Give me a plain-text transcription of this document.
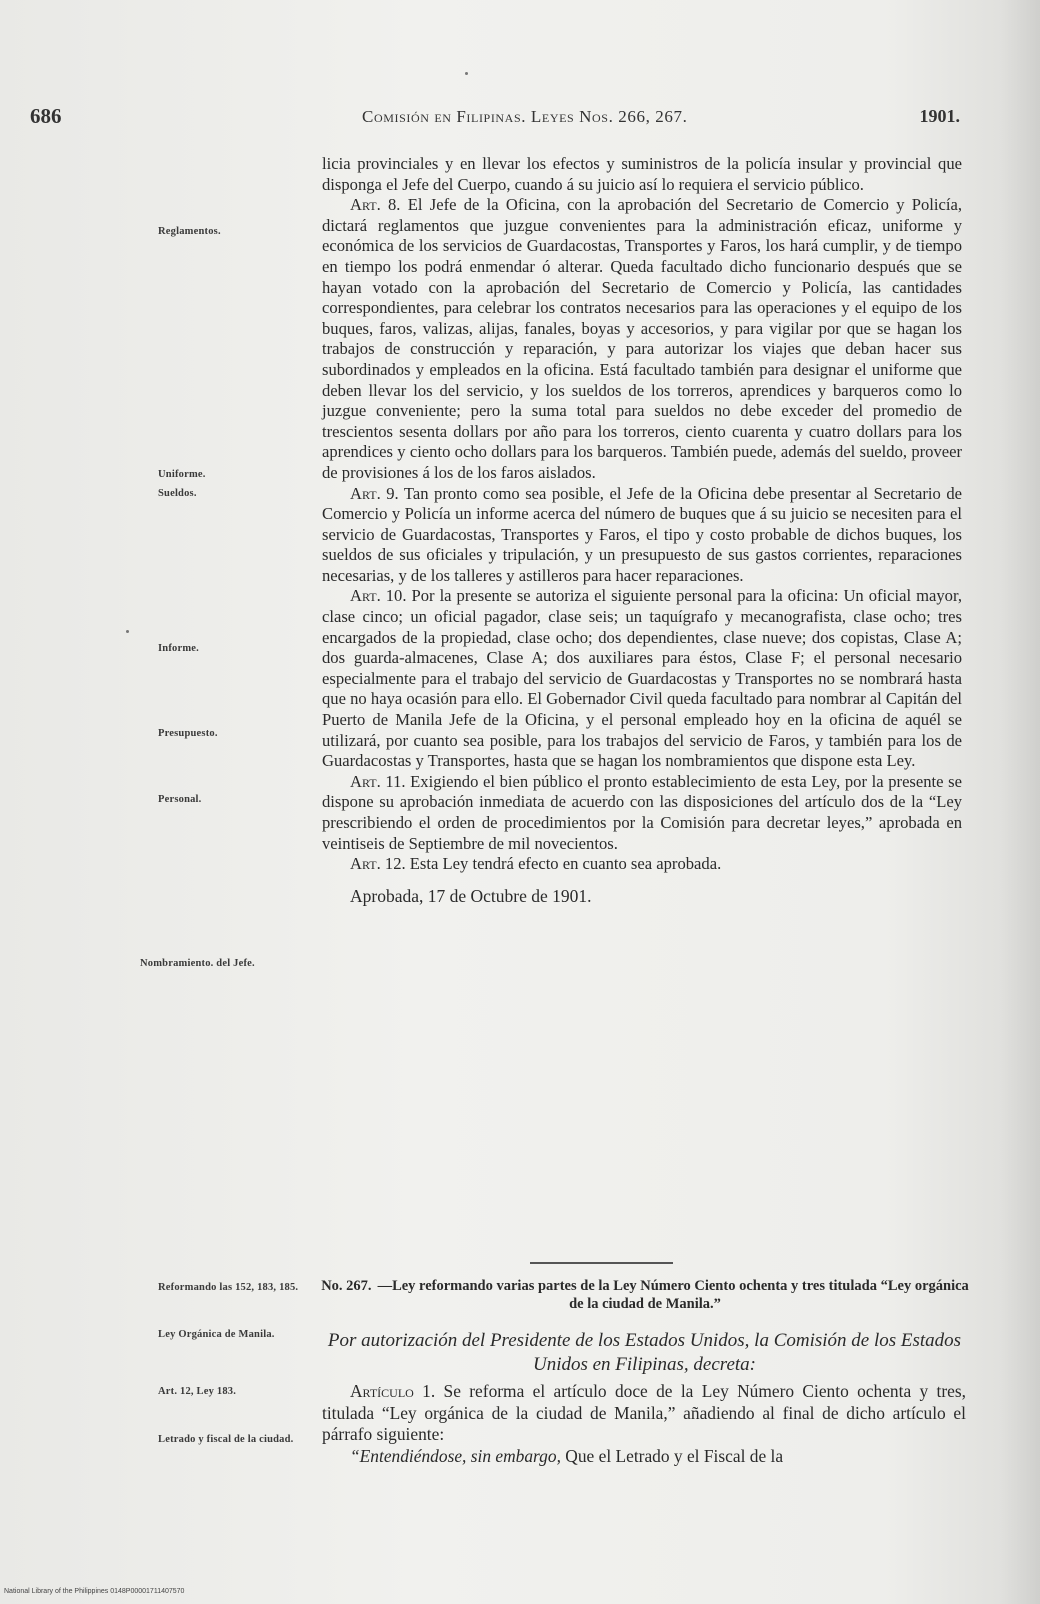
686	Comisión en Filipinas. Leyes Nos. 266, 267.	1901.
Reglamentos.
Uniforme.
Sueldos.
Informe.
Presupuesto.
Personal.
Nombramiento. del Jefe.
Reformando las 152, 183, 185.
Ley Orgánica de Manila.
Art. 12, Ley 183.
Letrado y fiscal de la ciudad.

licia provinciales y en llevar los efectos y suministros de la policía insular y provincial que disponga el Jefe del Cuerpo, cuando á su juicio así lo requiera el servicio público.

Art. 8. El Jefe de la Oficina, con la aprobación del Secretario de Comercio y Policía, dictará reglamentos que juzgue convenientes para la administración eficaz, uniforme y económica de los servicios de Guardacostas, Transportes y Faros, los hará cumplir, y de tiempo en tiempo los podrá enmendar ó alterar. Queda facultado dicho funcionario después que se hayan votado con la aprobación del Secretario de Comercio y Policía, las cantidades correspondientes, para celebrar los contratos necesarios para las operaciones y el equipo de los buques, faros, valizas, alijas, fanales, boyas y accesorios, y para vigilar por que se hagan los trabajos de construcción y reparación, y para autorizar los viajes que deban hacer sus subordinados y empleados en la oficina. Está facultado también para designar el uniforme que deben llevar los del servicio, y los sueldos de los torreros, aprendices y barqueros como lo juzgue conveniente; pero la suma total para sueldos no debe exceder del promedio de trescientos sesenta dollars por año para los torreros, ciento cuarenta y cuatro dollars para los aprendices y ciento ocho dollars para los barqueros. También puede, además del sueldo, proveer de provisiones á los de los faros aislados.

Art. 9. Tan pronto como sea posible, el Jefe de la Oficina debe presentar al Secretario de Comercio y Policía un informe acerca del número de buques que á su juicio se necesiten para el servicio de Guardacostas, Transportes y Faros, el tipo y costo probable de dichos buques, los sueldos de sus oficiales y tripulación, y un presupuesto de sus gastos corrientes, reparaciones necesarias, y de los talleres y astilleros para hacer reparaciones.

Art. 10. Por la presente se autoriza el siguiente personal para la oficina: Un oficial mayor, clase cinco; un oficial pagador, clase seis; un taquígrafo y mecanografista, clase ocho; tres encargados de la propiedad, clase ocho; dos dependientes, clase nueve; dos copistas, Clase A; dos guarda-almacenes, Clase A; dos auxiliares para éstos, Clase F; el personal necesario especialmente para el trabajo del servicio de Guardacostas y Transportes no se nombrará hasta que no haya ocasión para ello. El Gobernador Civil queda facultado para nombrar al Capitán del Puerto de Manila Jefe de la Oficina, y el personal empleado hoy en la oficina de aquél se utilizará, por cuanto sea posible, para los trabajos del servicio de Faros, y también para los de Guardacostas y Transportes, hasta que se hagan los nombramientos que dispone esta Ley.

Art. 11. Exigiendo el bien público el pronto establecimiento de esta Ley, por la presente se dispone su aprobación inmediata de acuerdo con las disposiciones del artículo dos de la “Ley prescribiendo el orden de procedimientos por la Comisión para decretar leyes,” aprobada en veintiseis de Septiembre de mil novecientos.

Art. 12. Esta Ley tendrá efecto en cuanto sea aprobada.

Aprobada, 17 de Octubre de 1901.

No. 267. —Ley reformando varias partes de la Ley Número Ciento ochenta y tres titulada “Ley orgánica de la ciudad de Manila.”
Por autorización del Presidente de los Estados Unidos, la Comisión de los Estados Unidos en Filipinas, decreta:

Artículo 1. Se reforma el artículo doce de la Ley Número Ciento ochenta y tres, titulada “Ley orgánica de la ciudad de Manila,” añadiendo al final de dicho artículo el párrafo siguiente:

“Entendiéndose, sin embargo, Que el Letrado y el Fiscal de la

National Library of the Philippines 0148P00001711407570
